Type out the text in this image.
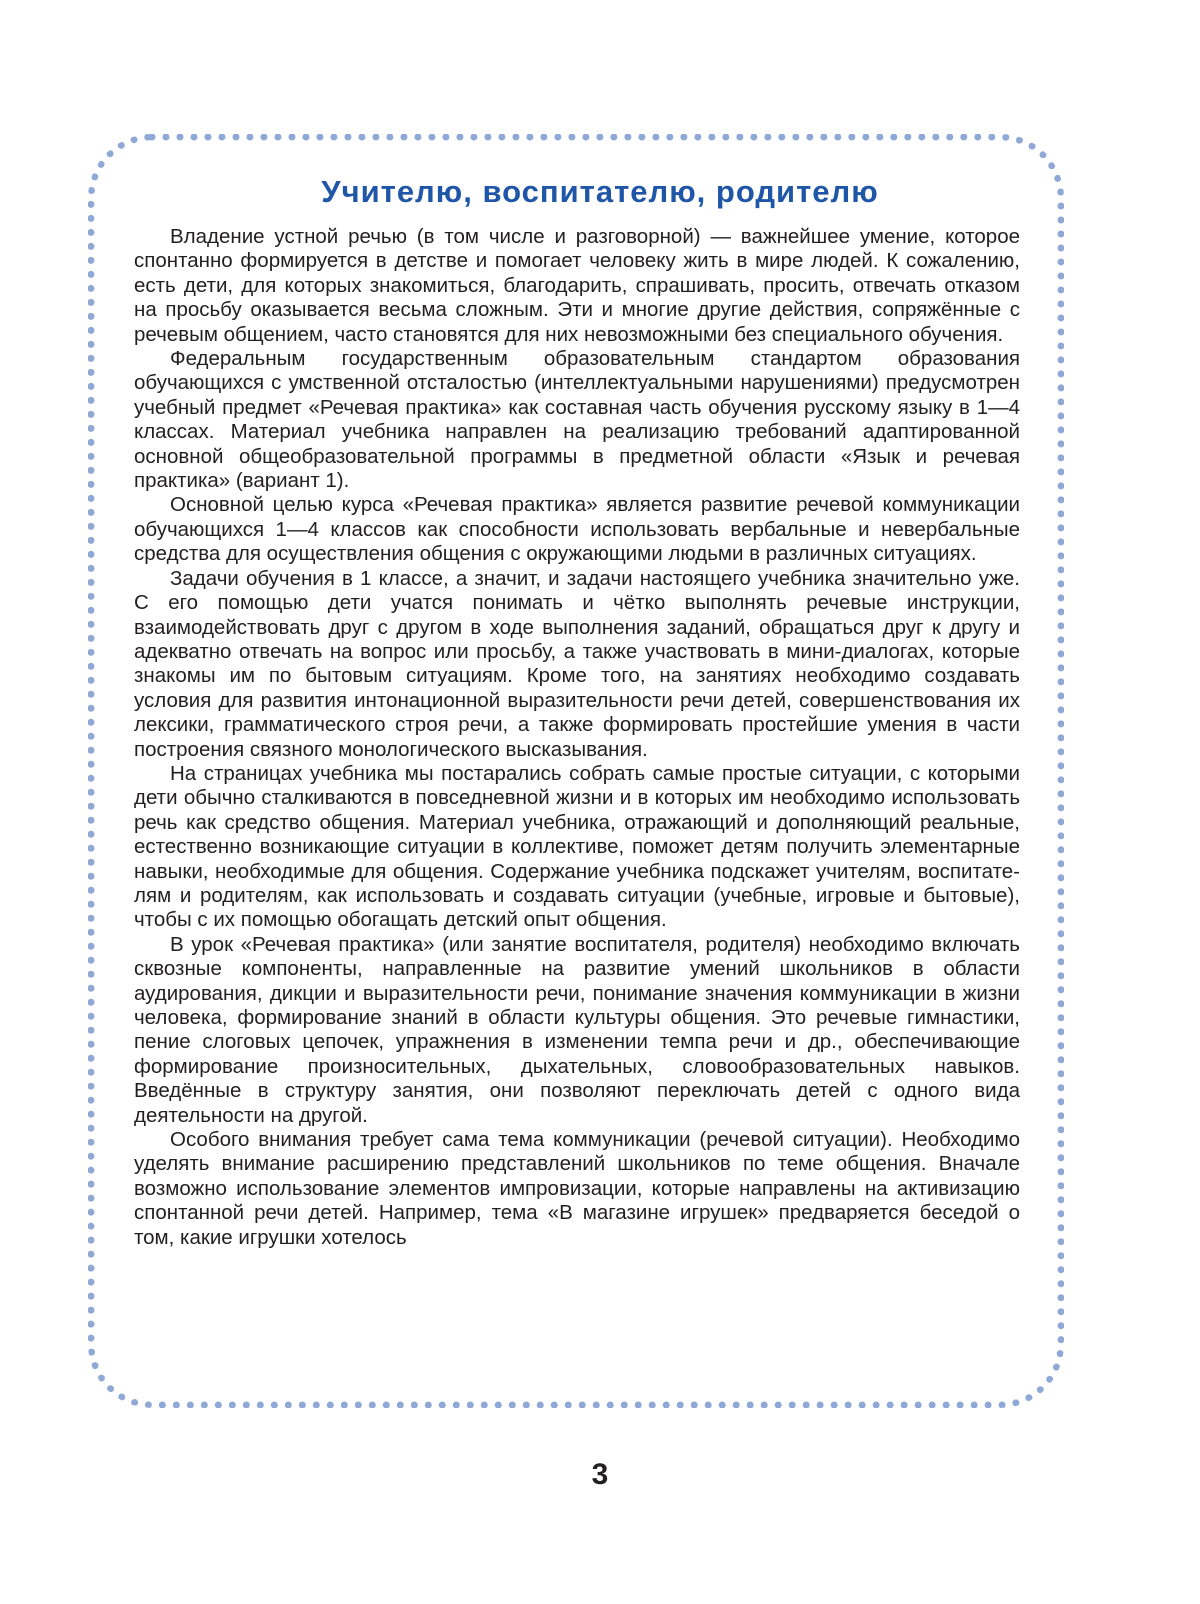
Учителю, воспитателю, родителю

Владение устной речью (в том числе и разговорной) — важнейшее умение, которое спонтанно формируется в детстве и помогает человеку жить в мире людей. К сожалению, есть дети, для которых знакомиться, благодарить, спрашивать, просить, отвечать отказом на просьбу оказывается весьма сложным. Эти и многие другие действия, сопряжённые с речевым общением, часто становятся для них невозможными без специального обучения.

Федеральным государственным образовательным стандартом образования обучающихся с умственной отсталостью (интеллектуальными нарушениями) предусмотрен учебный предмет «Речевая практика» как составная часть обучения русскому языку в 1—4 классах. Материал учебника направлен на реализацию требований адаптированной основной общеобразовательной программы в предметной области «Язык и речевая практика» (вариант 1).

Основной целью курса «Речевая практика» является развитие речевой коммуникации обучающихся 1—4 классов как способности использовать вербальные и невербальные средства для осуществления общения с окружающими людьми в различных ситуациях.

Задачи обучения в 1 классе, а значит, и задачи настоящего учебника значительно уже. С его помощью дети учатся понимать и чётко выполнять речевые инструкции, взаимодействовать друг с другом в ходе выполнения заданий, обращаться друг к другу и адекватно отвечать на вопрос или просьбу, а также участвовать в мини-диалогах, которые знакомы им по бытовым ситуациям. Кроме того, на занятиях необходимо создавать условия для развития интонационной выразительности речи детей, совершенствования их лексики, грамматического строя речи, а также формировать простейшие умения в части построения связного монологического высказывания.

На страницах учебника мы постарались собрать самые простые ситуации, с которыми дети обычно сталкиваются в повседневной жизни и в которых им необходимо использовать речь как средство общения. Материал учебника, отражающий и дополняющий реальные, естественно возникающие ситуации в коллективе, поможет детям получить элементарные навыки, необходимые для общения. Содержание учебника подскажет учителям, воспитателям и родителям, как использовать и создавать ситуации (учебные, игровые и бытовые), чтобы с их помощью обогащать детский опыт общения.

В урок «Речевая практика» (или занятие воспитателя, родителя) необходимо включать сквозные компоненты, направленные на развитие умений школьников в области аудирования, дикции и выразительности речи, понимание значения коммуникации в жизни человека, формирование знаний в области культуры общения. Это речевые гимнастики, пение слоговых цепочек, упражнения в изменении темпа речи и др., обеспечивающие формирование произносительных, дыхательных, словообразовательных навыков. Введённые в структуру занятия, они позволяют переключать детей с одного вида деятельности на другой.

Особого внимания требует сама тема коммуникации (речевой ситуации). Необходимо уделять внимание расширению представлений школьников по теме общения. Вначале возможно использование элементов импровизации, которые направлены на активизацию спонтанной речи детей. Например, тема «В магазине игрушек» предваряется беседой о том, какие игрушки хотелось

3
